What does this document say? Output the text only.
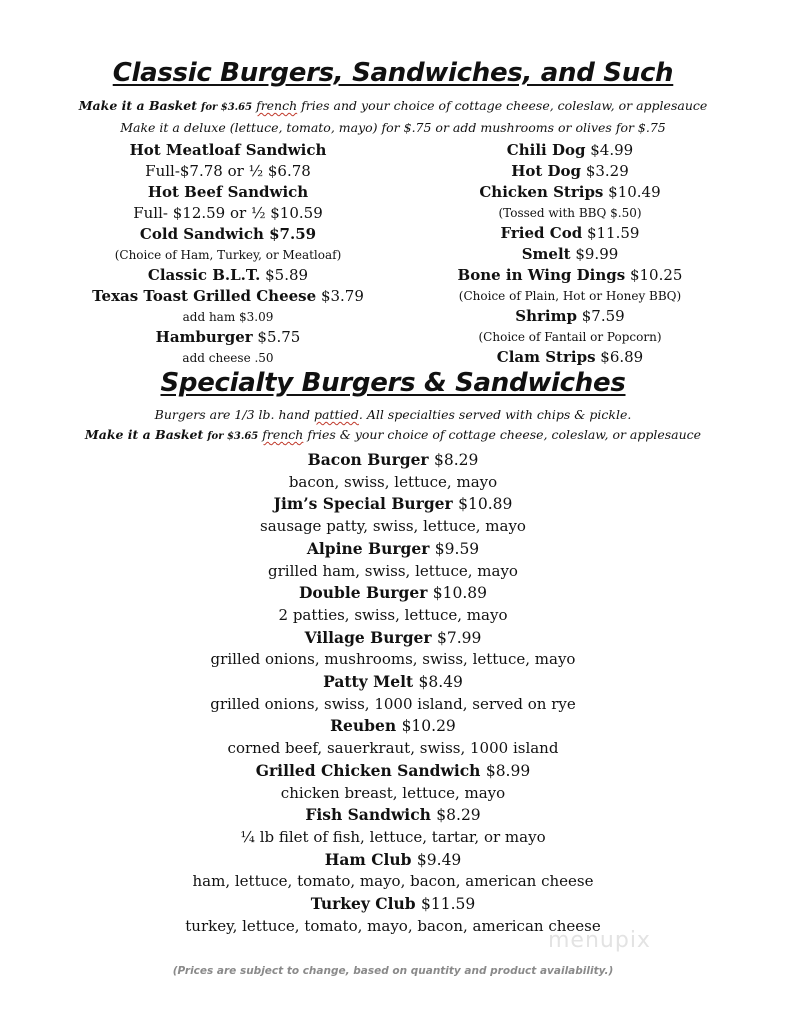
Classic Burgers, Sandwiches, and Such
Make it a Basket for $3.65 french fries and your choice of cottage cheese, coleslaw, or applesauce
Make it a deluxe (lettuce, tomato, mayo) for $.75 or add mushrooms or olives for $.75
Hot Meatloaf Sandwich
Full-$7.78 or ½ $6.78
Hot Beef Sandwich
Full- $12.59 or ½ $10.59
Cold Sandwich $7.59
(Choice of Ham, Turkey, or Meatloaf)
Classic B.L.T. $5.89
Texas Toast Grilled Cheese $3.79
add ham $3.09
Hamburger $5.75
add cheese .50
Chili Dog $4.99
Hot Dog $3.29
Chicken Strips $10.49
(Tossed with BBQ $.50)
Fried Cod $11.59
Smelt $9.99
Bone in Wing Dings $10.25
(Choice of Plain, Hot or Honey BBQ)
Shrimp $7.59
(Choice of Fantail or Popcorn)
Clam Strips $6.89
Specialty Burgers & Sandwiches
Burgers are 1/3 lb. hand pattied. All specialties served with chips & pickle.
Make it a Basket for $3.65 french fries & your choice of cottage cheese, coleslaw, or applesauce
Bacon Burger $8.29
bacon, swiss, lettuce, mayo
Jim’s Special Burger $10.89
sausage patty, swiss, lettuce, mayo
Alpine Burger $9.59
grilled ham, swiss, lettuce, mayo
Double Burger $10.89
2 patties, swiss, lettuce, mayo
Village Burger $7.99
grilled onions, mushrooms, swiss, lettuce, mayo
Patty Melt $8.49
grilled onions, swiss, 1000 island, served on rye
Reuben $10.29
corned beef, sauerkraut, swiss, 1000 island
Grilled Chicken Sandwich $8.99
chicken breast, lettuce, mayo
Fish Sandwich $8.29
¼ lb filet of fish, lettuce, tartar, or mayo
Ham Club $9.49
ham, lettuce, tomato, mayo, bacon, american cheese
Turkey Club $11.59
turkey, lettuce, tomato, mayo, bacon, american cheese
(Prices are subject to change, based on quantity and product availability.)
menupix
